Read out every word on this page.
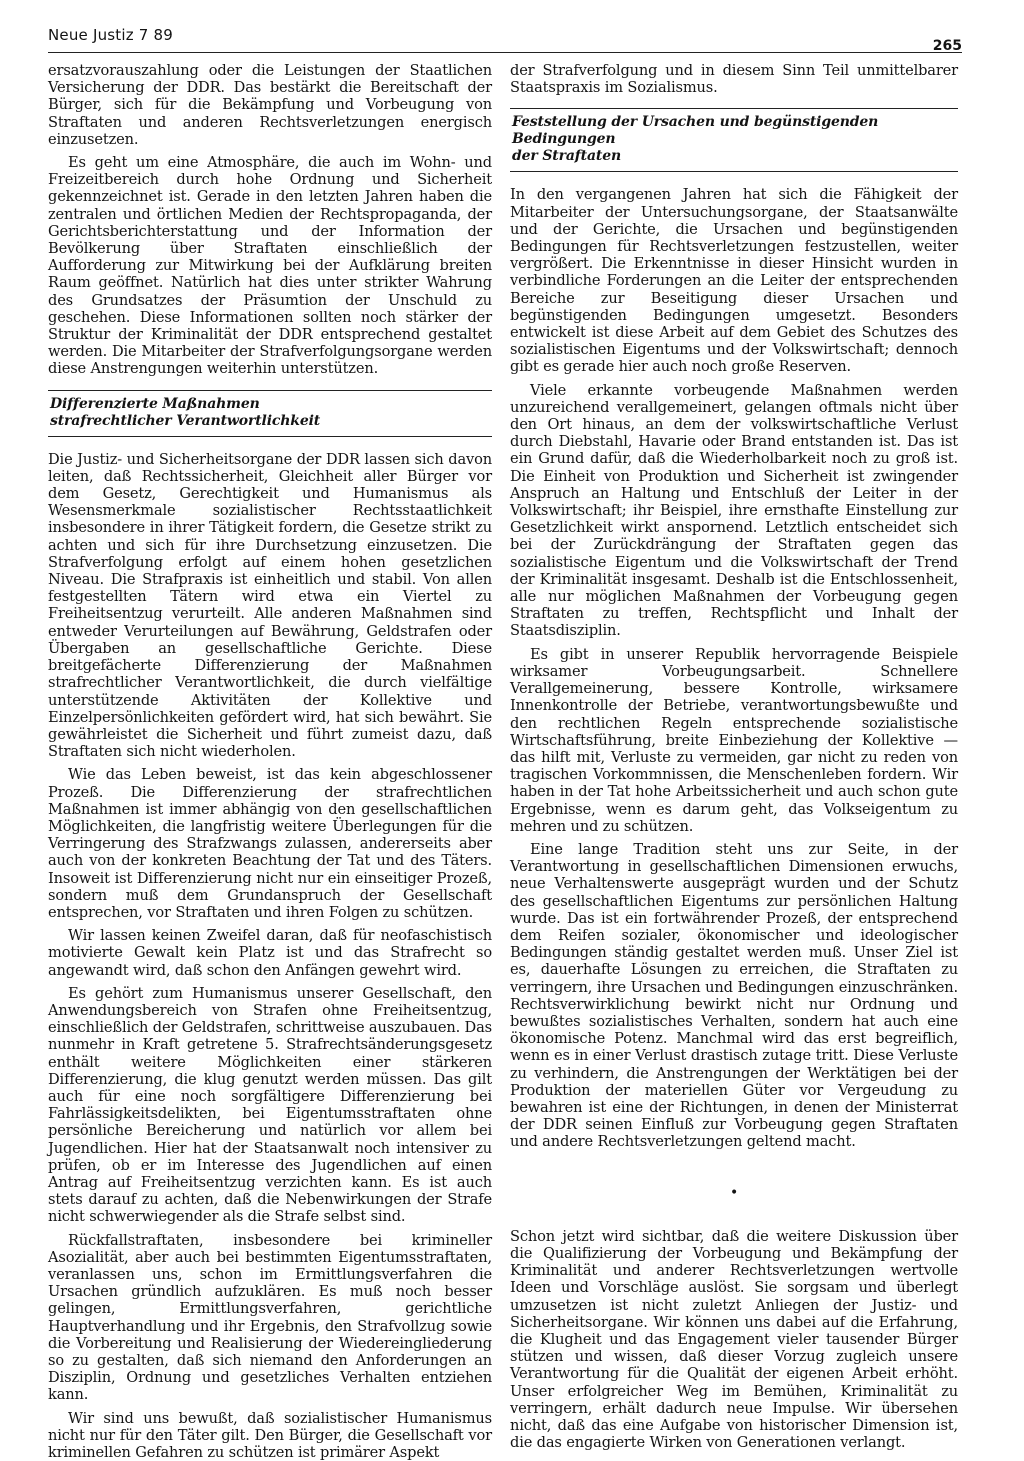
Neue Justiz 7 89
265

ersatzvorauszahlung oder die Leistungen der Staatlichen Versicherung der DDR. Das bestärkt die Bereitschaft der Bürger, sich für die Bekämpfung und Vorbeugung von Straftaten und anderen Rechtsverletzungen energisch einzusetzen.

Es geht um eine Atmosphäre, die auch im Wohn- und Freizeitbereich durch hohe Ordnung und Sicherheit gekennzeichnet ist. Gerade in den letzten Jahren haben die zentralen und örtlichen Medien der Rechtspropaganda, der Gerichtsberichterstattung und der Information der Bevölkerung über Straftaten einschließlich der Aufforderung zur Mitwirkung bei der Aufklärung breiten Raum geöffnet. Natürlich hat dies unter strikter Wahrung des Grundsatzes der Präsumtion der Unschuld zu geschehen. Diese Informationen sollten noch stärker der Struktur der Kriminalität der DDR entsprechend gestaltet werden. Die Mitarbeiter der Strafverfolgungsorgane werden diese Anstrengungen weiterhin unterstützen.

Differenzierte Maßnahmen
strafrechtlicher Verantwortlichkeit

Die Justiz- und Sicherheitsorgane der DDR lassen sich davon leiten, daß Rechtssicherheit, Gleichheit aller Bürger vor dem Gesetz, Gerechtigkeit und Humanismus als Wesensmerkmale sozialistischer Rechtsstaatlichkeit insbesondere in ihrer Tätigkeit fordern, die Gesetze strikt zu achten und sich für ihre Durchsetzung einzusetzen. Die Strafverfolgung erfolgt auf einem hohen gesetzlichen Niveau. Die Strafpraxis ist einheitlich und stabil. Von allen festgestellten Tätern wird etwa ein Viertel zu Freiheitsentzug verurteilt. Alle anderen Maßnahmen sind entweder Verurteilungen auf Bewährung, Geldstrafen oder Übergaben an gesellschaftliche Gerichte. Diese breitgefächerte Differenzierung der Maßnahmen strafrechtlicher Verantwortlichkeit, die durch vielfältige unterstützende Aktivitäten der Kollektive und Einzelpersönlichkeiten gefördert wird, hat sich bewährt. Sie gewährleistet die Sicherheit und führt zumeist dazu, daß Straftaten sich nicht wiederholen.

Wie das Leben beweist, ist das kein abgeschlossener Prozeß. Die Differenzierung der strafrechtlichen Maßnahmen ist immer abhängig von den gesellschaftlichen Möglichkeiten, die langfristig weitere Überlegungen für die Verringerung des Strafzwangs zulassen, andererseits aber auch von der konkreten Beachtung der Tat und des Täters. Insoweit ist Differenzierung nicht nur ein einseitiger Prozeß, sondern muß dem Grundanspruch der Gesellschaft entsprechen, vor Straftaten und ihren Folgen zu schützen.

Wir lassen keinen Zweifel daran, daß für neofaschistisch motivierte Gewalt kein Platz ist und das Strafrecht so angewandt wird, daß schon den Anfängen gewehrt wird.

Es gehört zum Humanismus unserer Gesellschaft, den Anwendungsbereich von Strafen ohne Freiheitsentzug, einschließlich der Geldstrafen, schrittweise auszubauen. Das nunmehr in Kraft getretene 5. Strafrechtsänderungsgesetz enthält weitere Möglichkeiten einer stärkeren Differenzierung, die klug genutzt werden müssen. Das gilt auch für eine noch sorgfältigere Differenzierung bei Fahrlässigkeitsdelikten, bei Eigentumsstraftaten ohne persönliche Bereicherung und natürlich vor allem bei Jugendlichen. Hier hat der Staatsanwalt noch intensiver zu prüfen, ob er im Interesse des Jugendlichen auf einen Antrag auf Freiheitsentzug verzichten kann. Es ist auch stets darauf zu achten, daß die Nebenwirkungen der Strafe nicht schwerwiegender als die Strafe selbst sind.

Rückfallstraftaten, insbesondere bei krimineller Asozialität, aber auch bei bestimmten Eigentumsstraftaten, veranlassen uns, schon im Ermittlungsverfahren die Ursachen gründlich aufzuklären. Es muß noch besser gelingen, Ermittlungsverfahren, gerichtliche Hauptverhandlung und ihr Ergebnis, den Strafvollzug sowie die Vorbereitung und Realisierung der Wiedereingliederung so zu gestalten, daß sich niemand den Anforderungen an Disziplin, Ordnung und gesetzliches Verhalten entziehen kann.

Wir sind uns bewußt, daß sozialistischer Humanismus nicht nur für den Täter gilt. Den Bürger, die Gesellschaft vor kriminellen Gefahren zu schützen ist primärer Aspekt

der Strafverfolgung und in diesem Sinn Teil unmittelbarer Staatspraxis im Sozialismus.

Feststellung der Ursachen und begünstigenden Bedingungen
der Straftaten

In den vergangenen Jahren hat sich die Fähigkeit der Mitarbeiter der Untersuchungsorgane, der Staatsanwälte und der Gerichte, die Ursachen und begünstigenden Bedingungen für Rechtsverletzungen festzustellen, weiter vergrößert. Die Erkenntnisse in dieser Hinsicht wurden in verbindliche Forderungen an die Leiter der entsprechenden Bereiche zur Beseitigung dieser Ursachen und begünstigenden Bedingungen umgesetzt. Besonders entwickelt ist diese Arbeit auf dem Gebiet des Schutzes des sozialistischen Eigentums und der Volkswirtschaft; dennoch gibt es gerade hier auch noch große Reserven.

Viele erkannte vorbeugende Maßnahmen werden unzureichend verallgemeinert, gelangen oftmals nicht über den Ort hinaus, an dem der volkswirtschaftliche Verlust durch Diebstahl, Havarie oder Brand entstanden ist. Das ist ein Grund dafür, daß die Wiederholbarkeit noch zu groß ist. Die Einheit von Produktion und Sicherheit ist zwingender Anspruch an Haltung und Entschluß der Leiter in der Volkswirtschaft; ihr Beispiel, ihre ernsthafte Einstellung zur Gesetzlichkeit wirkt anspornend. Letztlich entscheidet sich bei der Zurückdrängung der Straftaten gegen das sozialistische Eigentum und die Volkswirtschaft der Trend der Kriminalität insgesamt. Deshalb ist die Entschlossenheit, alle nur möglichen Maßnahmen der Vorbeugung gegen Straftaten zu treffen, Rechtspflicht und Inhalt der Staatsdisziplin.

Es gibt in unserer Republik hervorragende Beispiele wirksamer Vorbeugungsarbeit. Schnellere Verallgemeinerung, bessere Kontrolle, wirksamere Innenkontrolle der Betriebe, verantwortungsbewußte und den rechtlichen Regeln entsprechende sozialistische Wirtschaftsführung, breite Einbeziehung der Kollektive — das hilft mit, Verluste zu vermeiden, gar nicht zu reden von tragischen Vorkommnissen, die Menschenleben fordern. Wir haben in der Tat hohe Arbeitssicherheit und auch schon gute Ergebnisse, wenn es darum geht, das Volkseigentum zu mehren und zu schützen.

Eine lange Tradition steht uns zur Seite, in der Verantwortung in gesellschaftlichen Dimensionen erwuchs, neue Verhaltenswerte ausgeprägt wurden und der Schutz des gesellschaftlichen Eigentums zur persönlichen Haltung wurde. Das ist ein fortwährender Prozeß, der entsprechend dem Reifen sozialer, ökonomischer und ideologischer Bedingungen ständig gestaltet werden muß. Unser Ziel ist es, dauerhafte Lösungen zu erreichen, die Straftaten zu verringern, ihre Ursachen und Bedingungen einzuschränken. Rechtsverwirklichung bewirkt nicht nur Ordnung und bewußtes sozialistisches Verhalten, sondern hat auch eine ökonomische Potenz. Manchmal wird das erst begreiflich, wenn es in einer Verlust drastisch zutage tritt. Diese Verluste zu verhindern, die Anstrengungen der Werktätigen bei der Produktion der materiellen Güter vor Vergeudung zu bewahren ist eine der Richtungen, in denen der Ministerrat der DDR seinen Einfluß zur Vorbeugung gegen Straftaten und andere Rechtsverletzungen geltend macht.

•

Schon jetzt wird sichtbar, daß die weitere Diskussion über die Qualifizierung der Vorbeugung und Bekämpfung der Kriminalität und anderer Rechtsverletzungen wertvolle Ideen und Vorschläge auslöst. Sie sorgsam und überlegt umzusetzen ist nicht zuletzt Anliegen der Justiz- und Sicherheitsorgane. Wir können uns dabei auf die Erfahrung, die Klugheit und das Engagement vieler tausender Bürger stützen und wissen, daß dieser Vorzug zugleich unsere Verantwortung für die Qualität der eigenen Arbeit erhöht. Unser erfolgreicher Weg im Bemühen, Kriminalität zu verringern, erhält dadurch neue Impulse. Wir übersehen nicht, daß das eine Aufgabe von historischer Dimension ist, die das engagierte Wirken von Generationen verlangt.
